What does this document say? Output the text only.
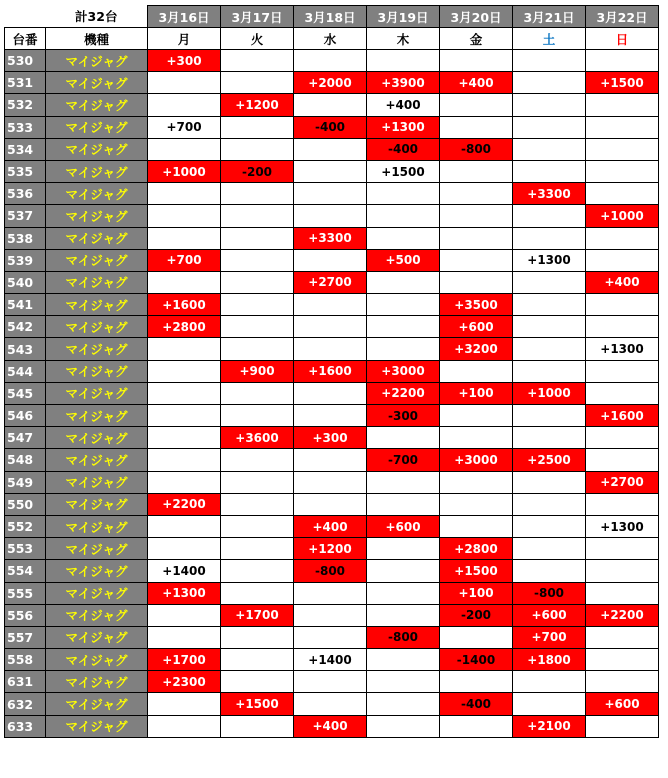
	計32台	3月16日	3月17日	3月18日	3月19日	3月20日	3月21日	3月22日
台番	機種	月	火	水	木	金	土	日
530	マイジャグ	+300						
531	マイジャグ			+2000	+3900	+400		+1500
532	マイジャグ		+1200		+400			
533	マイジャグ	+700		-400	+1300			
534	マイジャグ				-400	-800		
535	マイジャグ	+1000	-200		+1500			
536	マイジャグ						+3300	
537	マイジャグ							+1000
538	マイジャグ			+3300				
539	マイジャグ	+700			+500		+1300	
540	マイジャグ			+2700				+400
541	マイジャグ	+1600				+3500		
542	マイジャグ	+2800				+600		
543	マイジャグ					+3200		+1300
544	マイジャグ		+900	+1600	+3000			
545	マイジャグ				+2200	+100	+1000	
546	マイジャグ				-300			+1600
547	マイジャグ		+3600	+300				
548	マイジャグ				-700	+3000	+2500	
549	マイジャグ							+2700
550	マイジャグ	+2200						
552	マイジャグ			+400	+600			+1300
553	マイジャグ			+1200		+2800		
554	マイジャグ	+1400		-800		+1500		
555	マイジャグ	+1300				+100	-800	
556	マイジャグ		+1700			-200	+600	+2200
557	マイジャグ				-800		+700	
558	マイジャグ	+1700		+1400		-1400	+1800	
631	マイジャグ	+2300						
632	マイジャグ		+1500			-400		+600
633	マイジャグ			+400			+2100	
